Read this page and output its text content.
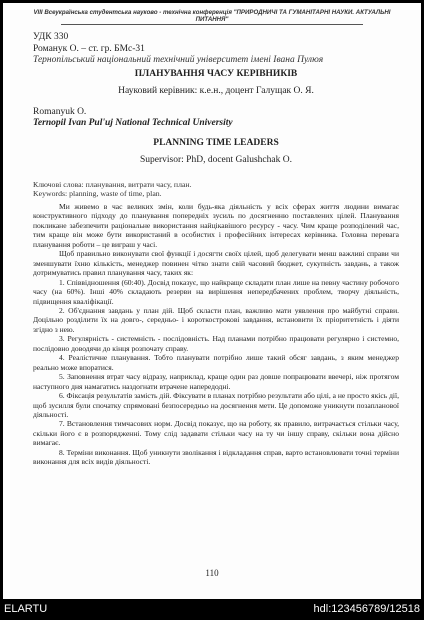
VIII Всеукраїнська студентська науково - технічна конференція "ПРИРОДНИЧІ ТА ГУМАНІТАРНІ НАУКИ. АКТУАЛЬНІ ПИТАННЯ"
УДК 330
Романук О. – ст. гр. БМс-31
Тернопільський національний технічний університет імені Івана Пулюя
ПЛАНУВАННЯ ЧАСУ КЕРІВНИКІВ
Науковий керівник: к.е.н., доцент Галущак О. Я.
Romanyuk O.
Ternopil Ivan Pul'uj National Technical University
PLANNING TIME LEADERS
Supervisor: PhD, docent Galushchak O.
Ключові слова: планування, витрати часу, план.
Keywords: planning, waste of time, plan.

Ми живемо в час великих змін, коли будь-яка діяльність у всіх сферах життя людини вимагає конструктивного підходу до планування попередніх зусиль по досягненню поставлених цілей. Планування покликане забезпечити раціональне використання найцікавішого ресурсу - часу. Чим краще розподілений час, тим краще він може бути використаний в особистих і професійних інтересах керівника. Головна перевага планування роботи – це виграш у часі.

Щоб правильно виконувати свої функції і досягти своїх цілей, щоб делегувати менш важливі справи чи зменшувати їхню кількість, менеджер повинен чітко знати свій часовий бюджет, сукупність завдань, а також дотримуватись правил планування часу, таких як:

1. Співвідношення (60:40). Досвід показує, що найкраще складати план лише на певну частину робочого часу (на 60%). Інші 40% складають резерви на вирішення непередбачених проблем, творчу діяльність, підвищення кваліфікації.

2. Об'єднання завдань у план дій. Щоб скласти план, важливо мати уявлення про майбутні справи. Доцільно розділити їх на довго-, середньо- і короткострокові завдання, встановити їх пріоритетність і діяти згідно з нею.

3. Регулярність - системність - послідовність. Над планами потрібно працювати регулярно і системно, послідовно доводячи до кінця розпочату справу.

4. Реалістичне планування. Тобто планувати потрібно лише такий обсяг завдань, з яким менеджер реально може впоратися.

5. Заповнення втрат часу відразу, наприклад, краще один раз довше попрацювати ввечері, ніж протягом наступного дня намагатись наздогнати втрачене напередодні.

6. Фіксація результатів замість дій. Фіксувати в планах потрібно результати або цілі, а не просто якісь дії, щоб зусилля були спочатку спрямовані безпосередньо на досягнення мети. Це допоможе уникнути позапланової діяльності.

7. Встановлення тимчасових норм. Досвід показує, що на роботу, як правило, витрачається стільки часу, скільки його є в розпорядженні. Тому слід задавати стільки часу на ту чи іншу справу, скільки вона дійсно вимагає.

8. Терміни виконання. Щоб уникнути зволікання і відкладання справ, варто встановлювати точні терміни виконання для всіх видів діяльності.

110
ELARTU	hdl:123456789/12518
